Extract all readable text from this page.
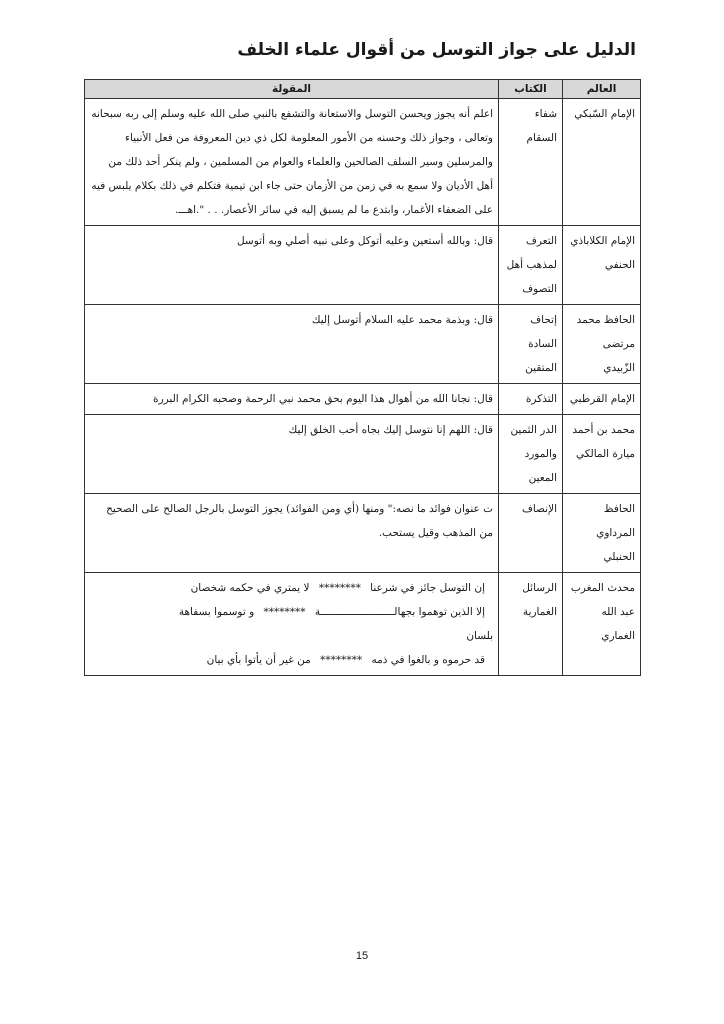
الدليل على جواز التوسل من أقوال علماء الخلف
العالم	الكتاب	المقولة
الإمام السّبكي	شفاء السقام	اعلم أنه يجوز ويحسن التوسل والاستعانة والتشفع بالنبي صلى الله عليه وسلم إلى ربه سبحانه وتعالى ، وجواز ذلك وحسنه من الأمور المعلومة لكل ذي دين المعروفة من فعل الأنبياء والمرسلين وسير السلف الصالحين والعلماء والعوام من المسلمين ، ولم ينكر أحد ذلك من أهل الأديان ولا سمع به في زمن من الأزمان حتى جاء ابن تيمية فتكلم في ذلك بكلام يلبس فيه على الضعفاء الأغمار، وابتدع ما لم يسبق إليه في سائر الأعصار. . . ".اهـــ.
الإمام الكلاباذي الحنفي	التعرف لمذهب أهل التصوف	قال: وبالله أستعين وعليه أتوكل وعلى نبيه أصلي وبه أتوسل
الحافظ محمد مرتضى الزّبيدي	إتحاف السادة المتقين	قال: وبذمة محمد عليه السلام أتوسل إليك
الإمام القرطبي	التذكرة	قال: نجانا الله من أهوال هذا اليوم بحق محمد نبي الرحمة وصحبه الكرام البررة
محمد بن أحمد ميارة المالكي	الدر الثمين والمورد المعين	قال: اللهم إنا نتوسل إليك بجاه أحب الخلق إليك
الحافظ المرداوي الحنبلي	الإنصاف	ت عنوان فوائد ما نصه:" ومنها (أي ومن الفوائد) يجوز التوسل بالرجل الصالح على الصحيح من المذهب وقيل يستحب.
محدث المغرب عبد الله الغماري	الرسائل الغمارية	إن التوسل جائز في شرعنا ******** لا يمتري في حكمه شخصان
إلا الذين توهموا بجهالــــــــــــــــــــــــة ******** و توسموا بسفاهة
بلسان
قد حرموه و بالغوا في ذمه ******** من غير أن يأتوا بأي بيان
15
